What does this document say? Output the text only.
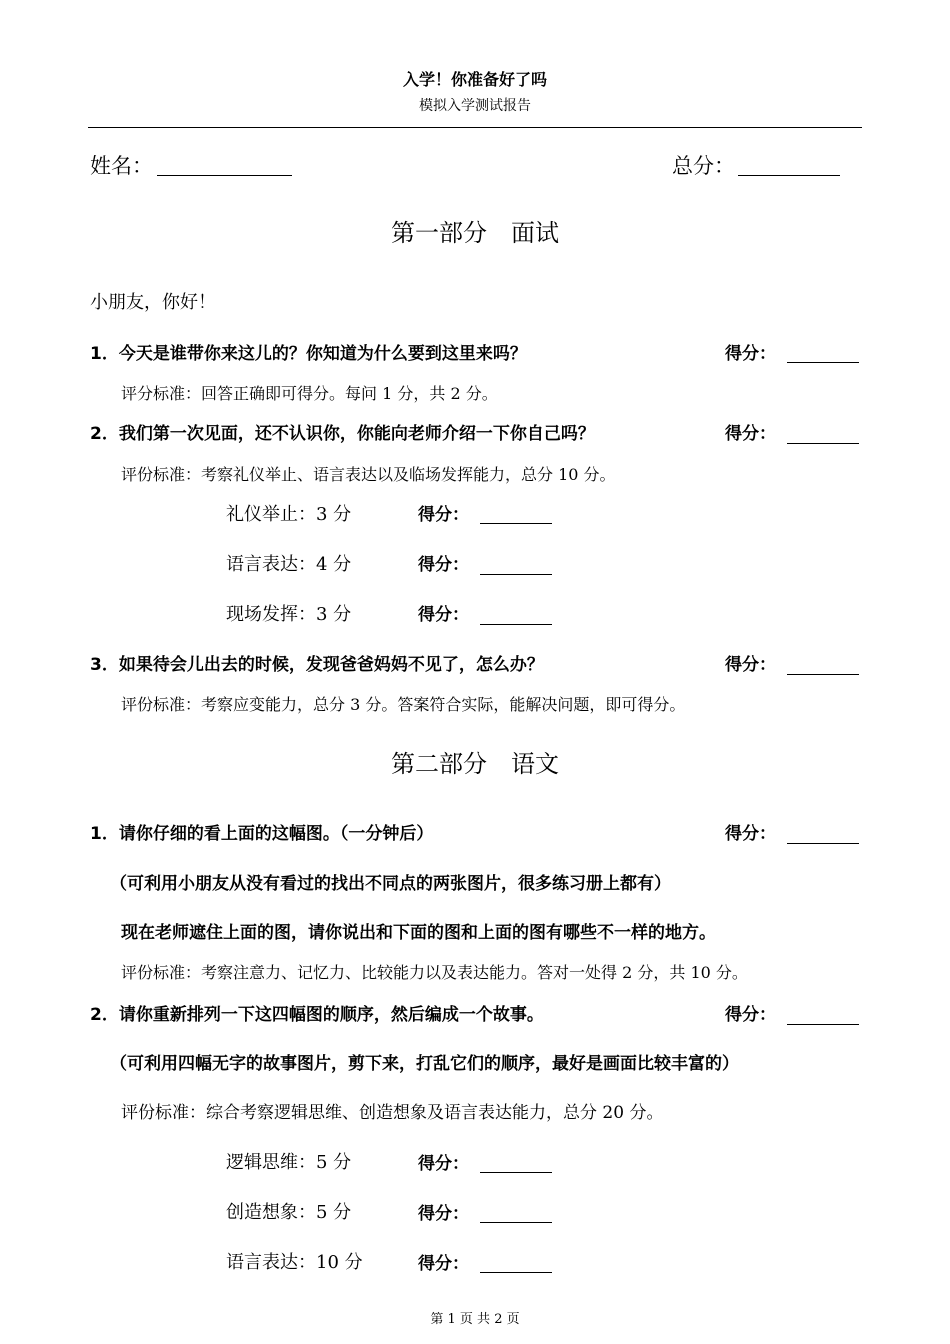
入学！你准备好了吗
模拟入学测试报告
姓名：	总分：
第一部分　面试
小朋友，你好！
1．今天是谁带你来这儿的？你知道为什么要到这里来吗？	得分：
评分标准：回答正确即可得分。每问 1 分，共 2 分。
2．我们第一次见面，还不认识你，你能向老师介绍一下你自己吗？	得分：
评份标准：考察礼仪举止、语言表达以及临场发挥能力，总分 10 分。
礼仪举止：3 分	得分：
语言表达：4 分	得分：
现场发挥：3 分	得分：
3．如果待会儿出去的时候，发现爸爸妈妈不见了，怎么办？	得分：
评份标准：考察应变能力，总分 3 分。答案符合实际，能解决问题，即可得分。
第二部分　语文
1．请你仔细的看上面的这幅图。（一分钟后）	得分：
（可利用小朋友从没有看过的找出不同点的两张图片，很多练习册上都有）
现在老师遮住上面的图，请你说出和下面的图和上面的图有哪些不一样的地方。
评份标准：考察注意力、记忆力、比较能力以及表达能力。答对一处得 2 分，共 10 分。
2．请你重新排列一下这四幅图的顺序，然后编成一个故事。	得分：
（可利用四幅无字的故事图片，剪下来，打乱它们的顺序，最好是画面比较丰富的）
评份标准：综合考察逻辑思维、创造想象及语言表达能力，总分 20 分。
逻辑思维：5 分	得分：
创造想象：5 分	得分：
语言表达：10 分	得分：
第 1 页 共 2 页
